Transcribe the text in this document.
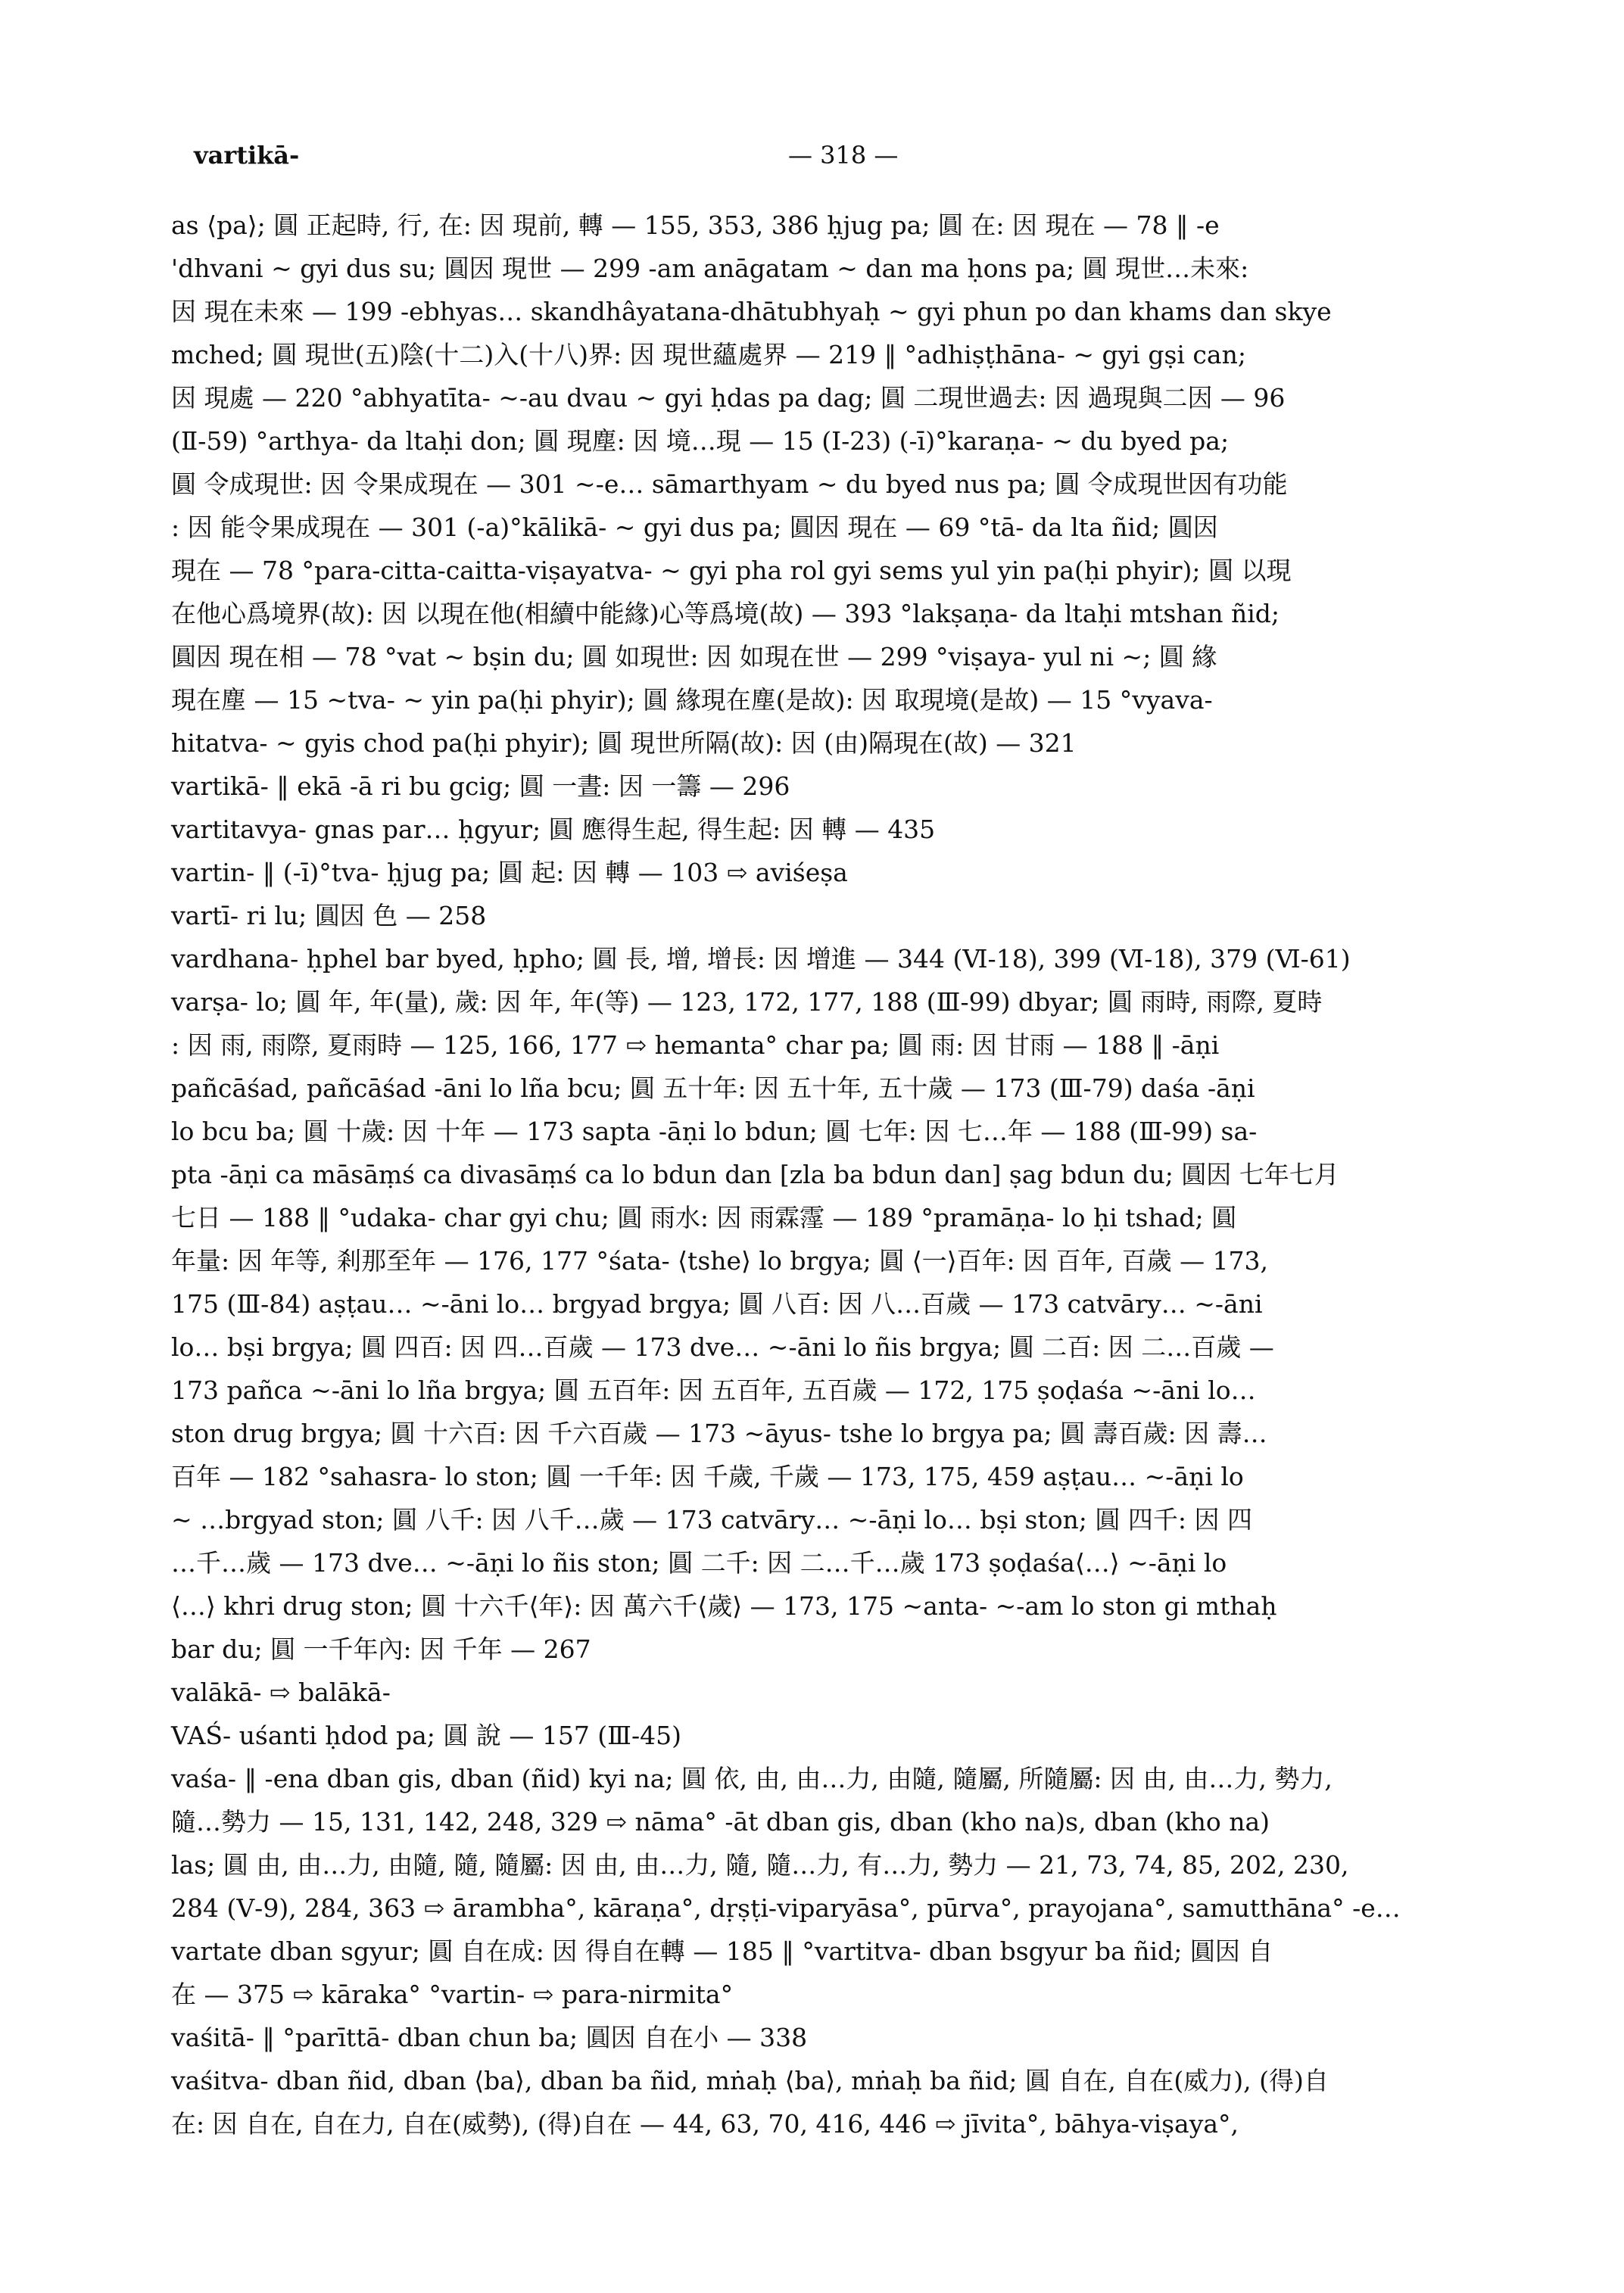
vartikā-	— 318 —
as ⟨pa⟩; 圓 正起時, 行, 在: 因 現前, 轉 — 155, 353, 386 ḥjug pa; 圓 在: 因 現在 — 78 ‖ -e
'dhvani ~ gyi dus su; 圓因 現世 — 299 -am anāgatam ~ dan ma ḥons pa; 圓 現世…未來:
因 現在未來 — 199 -ebhyas… skandhâyatana-dhātubhyaḥ ~ gyi phun po dan khams dan skye
mched; 圓 現世(五)陰(十二)入(十八)界: 因 現世蘊處界 — 219 ‖ °adhiṣṭhāna- ~ gyi gṣi can;
因 現處 — 220 °abhyatīta- ~-au dvau ~ gyi ḥdas pa dag; 圓 二現世過去: 因 過現與二因 — 96
(Ⅱ-59) °arthya- da ltaḥi don; 圓 現塵: 因 境…現 — 15 (Ⅰ-23) (-ī)°karaṇa- ~ du byed pa;
圓 令成現世: 因 令果成現在 — 301 ~-e… sāmarthyam ~ du byed nus pa; 圓 令成現世因有功能
: 因 能令果成現在 — 301 (-a)°kālikā- ~ gyi dus pa; 圓因 現在 — 69 °tā- da lta ñid; 圓因
現在 — 78 °para-citta-caitta-viṣayatva- ~ gyi pha rol gyi sems yul yin pa(ḥi phyir); 圓 以現
在他心爲境界(故): 因 以現在他(相續中能緣)心等爲境(故) — 393 °lakṣaṇa- da ltaḥi mtshan ñid;
圓因 現在相 — 78 °vat ~ bṣin du; 圓 如現世: 因 如現在世 — 299 °viṣaya- yul ni ~; 圓 緣
現在塵 — 15 ~tva- ~ yin pa(ḥi phyir); 圓 緣現在塵(是故): 因 取現境(是故) — 15 °vyava-
hitatva- ~ gyis chod pa(ḥi phyir); 圓 現世所隔(故): 因 (由)隔現在(故) — 321
vartikā- ‖ ekā -ā ri bu gcig; 圓 一晝: 因 一籌 — 296
vartitavya- gnas par… ḥgyur; 圓 應得生起, 得生起: 因 轉 — 435
vartin- ‖ (-ī)°tva- ḥjug pa; 圓 起: 因 轉 — 103 ⇨ aviśeṣa
vartī- ri lu; 圓因 色 — 258
vardhana- ḥphel bar byed, ḥpho; 圓 長, 增, 增長: 因 增進 — 344 (Ⅵ-18), 399 (Ⅵ-18), 379 (Ⅵ-61)
varṣa- lo; 圓 年, 年(量), 歲: 因 年, 年(等) — 123, 172, 177, 188 (Ⅲ-99) dbyar; 圓 雨時, 雨際, 夏時
: 因 雨, 雨際, 夏雨時 — 125, 166, 177 ⇨ hemanta° char pa; 圓 雨: 因 甘雨 — 188 ‖ -āṇi
pañcāśad, pañcāśad -āni lo lña bcu; 圓 五十年: 因 五十年, 五十歲 — 173 (Ⅲ-79) daśa -āṇi
lo bcu ba; 圓 十歲: 因 十年 — 173 sapta -āṇi lo bdun; 圓 七年: 因 七…年 — 188 (Ⅲ-99) sa-
pta -āṇi ca māsāṃś ca divasāṃś ca lo bdun dan [zla ba bdun dan] ṣag bdun du; 圓因 七年七月
七日 — 188 ‖ °udaka- char gyi chu; 圓 雨水: 因 雨霖霪 — 189 °pramāṇa- lo ḥi tshad; 圓
年量: 因 年等, 剎那至年 — 176, 177 °śata- ⟨tshe⟩ lo brgya; 圓 ⟨一⟩百年: 因 百年, 百歲 — 173,
175 (Ⅲ-84) aṣṭau… ~-āni lo… brgyad brgya; 圓 八百: 因 八…百歲 — 173 catvāry… ~-āni
lo… bṣi brgya; 圓 四百: 因 四…百歲 — 173 dve… ~-āni lo ñis brgya; 圓 二百: 因 二…百歲 —
173 pañca ~-āni lo lña brgya; 圓 五百年: 因 五百年, 五百歲 — 172, 175 ṣoḍaśa ~-āni lo…
ston drug brgya; 圓 十六百: 因 千六百歲 — 173 ~āyus- tshe lo brgya pa; 圓 壽百歲: 因 壽…
百年 — 182 °sahasra- lo ston; 圓 一千年: 因 千歲, 千歲 — 173, 175, 459 aṣṭau… ~-āṇi lo
~ …brgyad ston; 圓 八千: 因 八千…歲 — 173 catvāry… ~-āṇi lo… bṣi ston; 圓 四千: 因 四
…千…歲 — 173 dve… ~-āṇi lo ñis ston; 圓 二千: 因 二…千…歲 173 ṣoḍaśa⟨…⟩ ~-āṇi lo
⟨…⟩ khri drug ston; 圓 十六千⟨年⟩: 因 萬六千⟨歲⟩ — 173, 175 ~anta- ~-am lo ston gi mthaḥ
bar du; 圓 一千年內: 因 千年 — 267
valākā- ⇨ balākā-
VAŚ- uśanti ḥdod pa; 圓 說 — 157 (Ⅲ-45)
vaśa- ‖ -ena dban gis, dban (ñid) kyi na; 圓 依, 由, 由…力, 由隨, 隨屬, 所隨屬: 因 由, 由…力, 勢力,
隨…勢力 — 15, 131, 142, 248, 329 ⇨ nāma° -āt dban gis, dban (kho na)s, dban (kho na)
las; 圓 由, 由…力, 由隨, 隨, 隨屬: 因 由, 由…力, 隨, 隨…力, 有…力, 勢力 — 21, 73, 74, 85, 202, 230,
284 (Ⅴ-9), 284, 363 ⇨ ārambha°, kāraṇa°, dṛṣṭi-viparyāsa°, pūrva°, prayojana°, samutthāna° -e…
vartate dban sgyur; 圓 自在成: 因 得自在轉 — 185 ‖ °vartitva- dban bsgyur ba ñid; 圓因 自
在 — 375 ⇨ kāraka° °vartin- ⇨ para-nirmita°
vaśitā- ‖ °parīttā- dban chun ba; 圓因 自在小 — 338
vaśitva- dban ñid, dban ⟨ba⟩, dban ba ñid, mṅaḥ ⟨ba⟩, mṅaḥ ba ñid; 圓 自在, 自在(威力), (得)自
在: 因 自在, 自在力, 自在(威勢), (得)自在 — 44, 63, 70, 416, 446 ⇨ jīvita°, bāhya-viṣaya°,
